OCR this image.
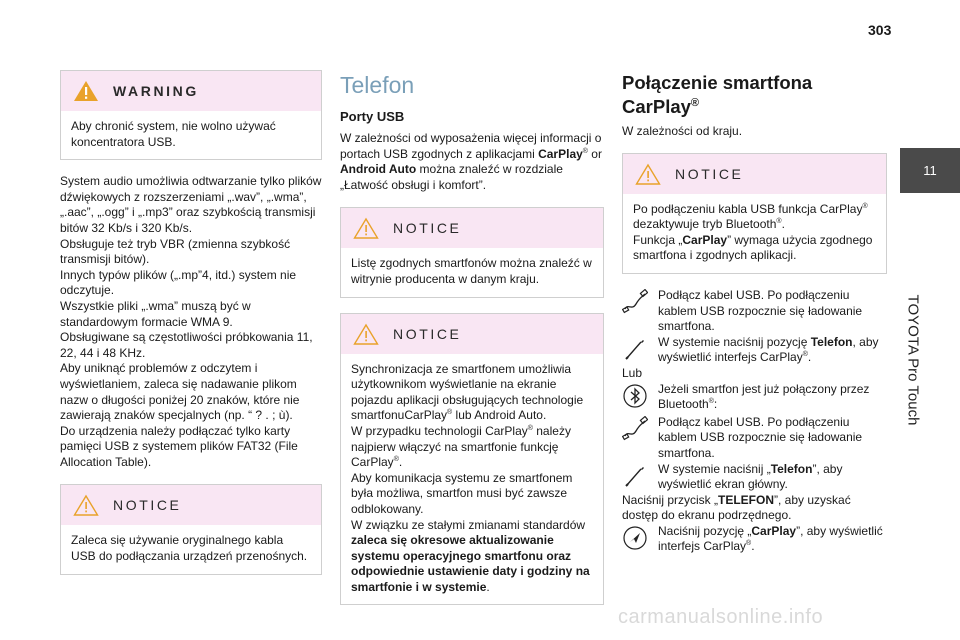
303
11
TOYOTA Pro Touch
WARNING
Aby chronić system, nie wolno używać koncentratora USB.
System audio umożliwia odtwarzanie tylko plików dźwiękowych z rozszerzeniami „.wav”, „.wma”, „.aac”, „.ogg” i „.mp3” oraz szybkością transmisji bitów 32 Kb/s i 320 Kb/s.
Obsługuje też tryb VBR (zmienna szybkość transmisji bitów).
Innych typów plików („.mp”4, itd.) system nie odczytuje.
Wszystkie pliki „.wma” muszą być w standardowym formacie WMA 9.
Obsługiwane są częstotliwości próbkowania 11, 22, 44 i 48 KHz.
Aby uniknąć problemów z odczytem i wyświetlaniem, zaleca się nadawanie plikom nazw o długości poniżej 20 znaków, które nie zawierają znaków specjalnych (np. “ ? . ; ù).
Do urządzenia należy podłączać tylko karty pamięci USB z systemem plików FAT32 (File Allocation Table).
NOTICE
Zaleca się używanie oryginalnego kabla USB do podłączania urządzeń przenośnych.
Telefon
Porty USB
W zależności od wyposażenia więcej informacji o portach USB zgodnych z aplikacjami CarPlay® or Android Auto można znaleźć w rozdziale „Łatwość obsługi i komfort”.
NOTICE
Listę zgodnych smartfonów można znaleźć w witrynie producenta w danym kraju.
NOTICE
Synchronizacja ze smartfonem umożliwia użytkownikom wyświetlanie na ekranie pojazdu aplikacji obsługujących technologie smartfonuCarPlay® lub Android Auto.
W przypadku technologii CarPlay® należy najpierw włączyć na smartfonie funkcję CarPlay®.
Aby komunikacja systemu ze smartfonem była możliwa, smartfon musi być zawsze odblokowany.
W związku ze stałymi zmianami standardów zaleca się okresowe aktualizowanie systemu operacyjnego smartfonu oraz odpowiednie ustawienie daty i godziny na smartfonie i w systemie.
Połączenie smartfona
CarPlay®
W zależności od kraju.
NOTICE
Po podłączeniu kabla USB funkcja CarPlay® dezaktywuje tryb Bluetooth®.
Funkcja „CarPlay” wymaga użycia zgodnego smartfona i zgodnych aplikacji.
Podłącz kabel USB. Po podłączeniu kablem USB rozpocznie się ładowanie smartfona.
W systemie naciśnij pozycję Telefon, aby wyświetlić interfejs CarPlay®.
Lub
Jeżeli smartfon jest już połączony przez Bluetooth®:
Podłącz kabel USB. Po podłączeniu kablem USB rozpocznie się ładowanie smartfona.
W systemie naciśnij „Telefon”, aby wyświetlić ekran główny.
Naciśnij przycisk „TELEFON”, aby uzyskać dostęp do ekranu podrzędnego.
Naciśnij pozycję „CarPlay”, aby wyświetlić interfejs CarPlay®.
carmanualsonline.info
